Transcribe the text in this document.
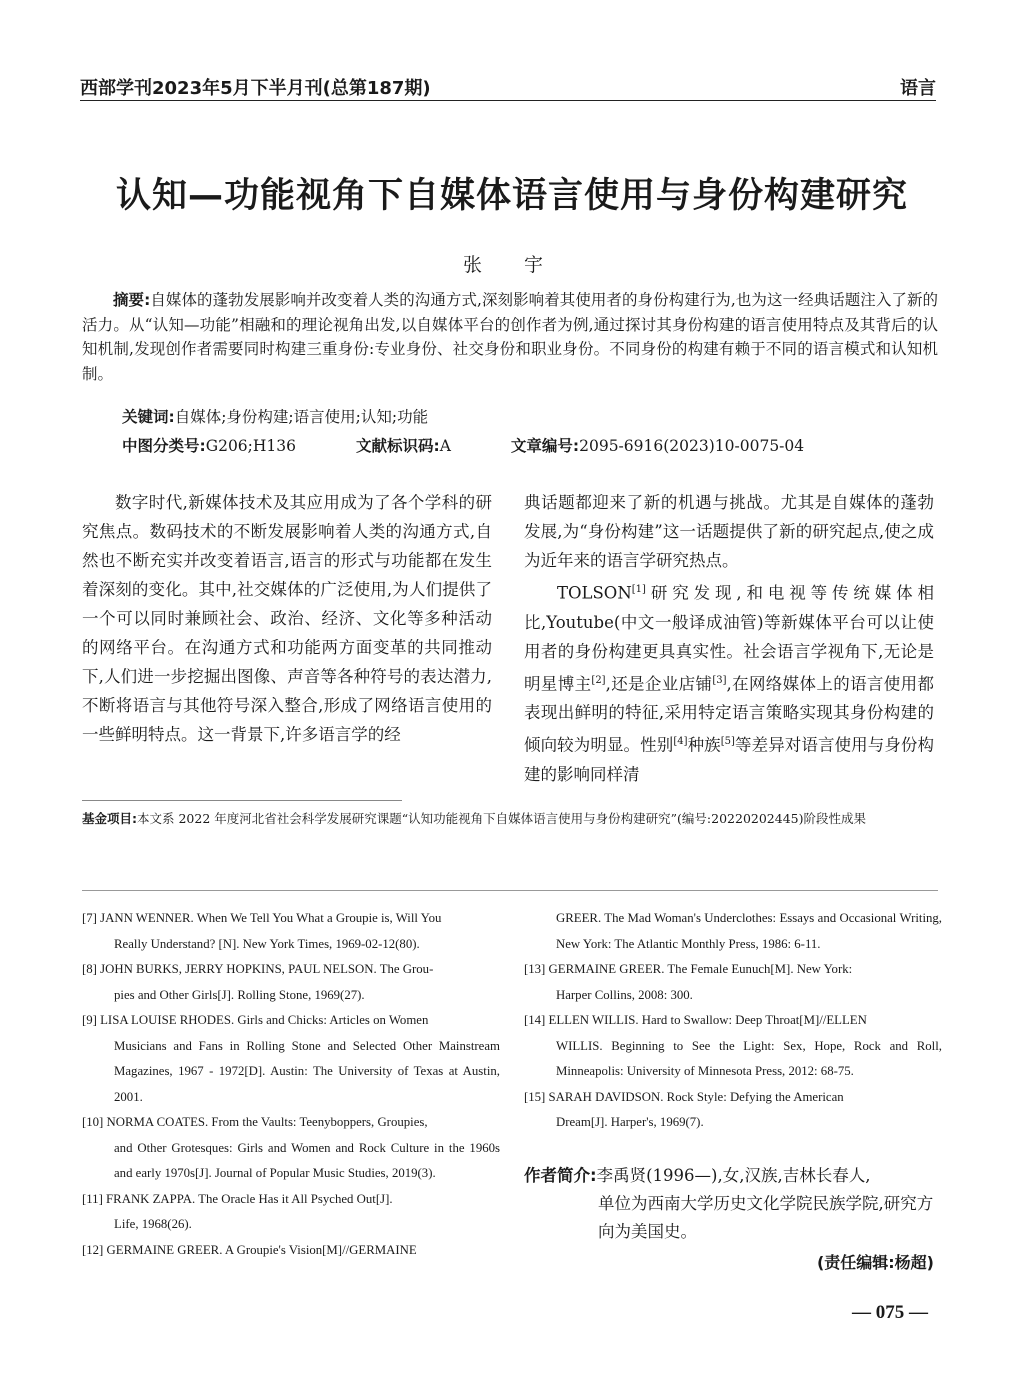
西部学刊2023年5月下半月刊(总第187期)	语言
认知—功能视角下自媒体语言使用与身份构建研究
张 宇

摘要:自媒体的蓬勃发展影响并改变着人类的沟通方式,深刻影响着其使用者的身份构建行为,也为这一经典话题注入了新的活力。从“认知—功能”相融和的理论视角出发,以自媒体平台的创作者为例,通过探讨其身份构建的语言使用特点及其背后的认知机制,发现创作者需要同时构建三重身份:专业身份、社交身份和职业身份。不同身份的构建有赖于不同的语言模式和认知机制。

关键词:自媒体;身份构建;语言使用;认知;功能
中图分类号:G206;H136	文献标识码:A	文章编号:2095-6916(2023)10-0075-04

数字时代,新媒体技术及其应用成为了各个学科的研究焦点。数码技术的不断发展影响着人类的沟通方式,自然也不断充实并改变着语言,语言的形式与功能都在发生着深刻的变化。其中,社交媒体的广泛使用,为人们提供了一个可以同时兼顾社会、政治、经济、文化等多种活动的网络平台。在沟通方式和功能两方面变革的共同推动下,人们进一步挖掘出图像、声音等各种符号的表达潜力,不断将语言与其他符号深入整合,形成了网络语言使用的一些鲜明特点。这一背景下,许多语言学的经

典话题都迎来了新的机遇与挑战。尤其是自媒体的蓬勃发展,为“身份构建”这一话题提供了新的研究起点,使之成为近年来的语言学研究热点。

TOLSON[1]研究发现,和电视等传统媒体相比,Youtube(中文一般译成油管)等新媒体平台可以让使用者的身份构建更具真实性。社会语言学视角下,无论是明星博主[2],还是企业店铺[3],在网络媒体上的语言使用都表现出鲜明的特征,采用特定语言策略实现其身份构建的倾向较为明显。性别[4]种族[5]等差异对语言使用与身份构建的影响同样清

基金项目:本文系 2022 年度河北省社会科学发展研究课题“认知功能视角下自媒体语言使用与身份构建研究”(编号:20220202445)阶段性成果

[7] JANN WENNER. When We Tell You What a Groupie is, Will You

Really Understand? [N]. New York Times, 1969-02-12(80).

[8] JOHN BURKS, JERRY HOPKINS, PAUL NELSON. The Grou-

pies and Other Girls[J]. Rolling Stone, 1969(27).

[9] LISA LOUISE RHODES. Girls and Chicks: Articles on Women

Musicians and Fans in Rolling Stone and Selected Other Mainstream Magazines, 1967 - 1972[D]. Austin: The University of Texas at Austin, 2001.

[10] NORMA COATES. From the Vaults: Teenyboppers, Groupies,

and Other Grotesques: Girls and Women and Rock Culture in the 1960s and early 1970s[J]. Journal of Popular Music Studies, 2019(3).

[11] FRANK ZAPPA. The Oracle Has it All Psyched Out[J].

Life, 1968(26).

[12] GERMAINE GREER. A Groupie's Vision[M]//GERMAINE

GREER. The Mad Woman's Underclothes: Essays and Occasional Writing, New York: The Atlantic Monthly Press, 1986: 6-11.

[13] GERMAINE GREER. The Female Eunuch[M]. New York:

Harper Collins, 2008: 300.

[14] ELLEN WILLIS. Hard to Swallow: Deep Throat[M]//ELLEN

WILLIS. Beginning to See the Light: Sex, Hope, Rock and Roll, Minneapolis: University of Minnesota Press, 2012: 68-75.

[15] SARAH DAVIDSON. Rock Style: Defying the American

Dream[J]. Harper's, 1969(7).

作者简介:李禹贤(1996—),女,汉族,吉林长春人,
单位为西南大学历史文化学院民族学院,研究方向为美国史。
(责任编辑:杨超)
— 075 —
